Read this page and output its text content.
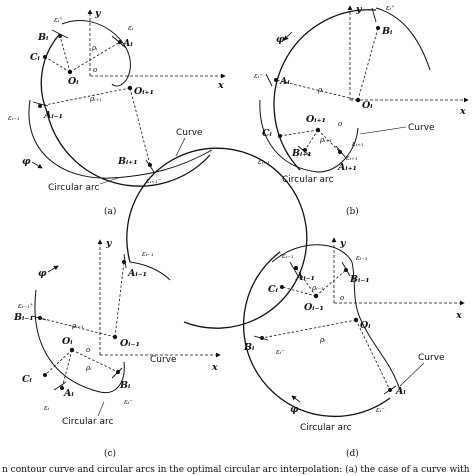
x
y
o
Oᵢ
Oᵢ₊₁
Aᵢ
Bᵢ
Cᵢ
Aᵢ₋₁
Bᵢ₊₁
ρᵢ
ρᵢ₊₁
εᵢ⁺
εᵢ
εᵢ₋₁
εᵢ₊₁⁻
φ
Curve
Circular arc
(a)
x
y
o
Oᵢ
Oᵢ₊₁
Bᵢ
Aᵢ
Cᵢ
Bᵢ₊₁
Aᵢ₊₁
ρᵢ
ρᵢ₊₁
εᵢ⁺
εᵢ⁻
εᵢ₊₁
εᵢ₊₁
εᵢ₊₁
φ
Curve
Circular arc
(b)
x
y
o
Oᵢ₋₁
Oᵢ
Aᵢ₋₁
Bᵢ₋₁
Cᵢ
Aᵢ
Bᵢ
ρᵢ₋₁
ρᵢ
εᵢ₋₁
εᵢ₋₁⁺
εᵢ
εᵢ⁻
φ
Curve
Circular arc
(c)
x
y
o
Oᵢ₋₁
Oᵢ
Aᵢ₋₁	Bᵢ₋₁
Cᵢ
Bᵢ
Aᵢ
ρᵢ₋₁
ρᵢ
εᵢ₋₁	εᵢ₋₁
εᵢ⁻
εᵢ⁻
φ
Curve
Circular arc
(d)
n contour curve and circular arcs in the optimal circular arc interpolation: (a) the case of a curve with
